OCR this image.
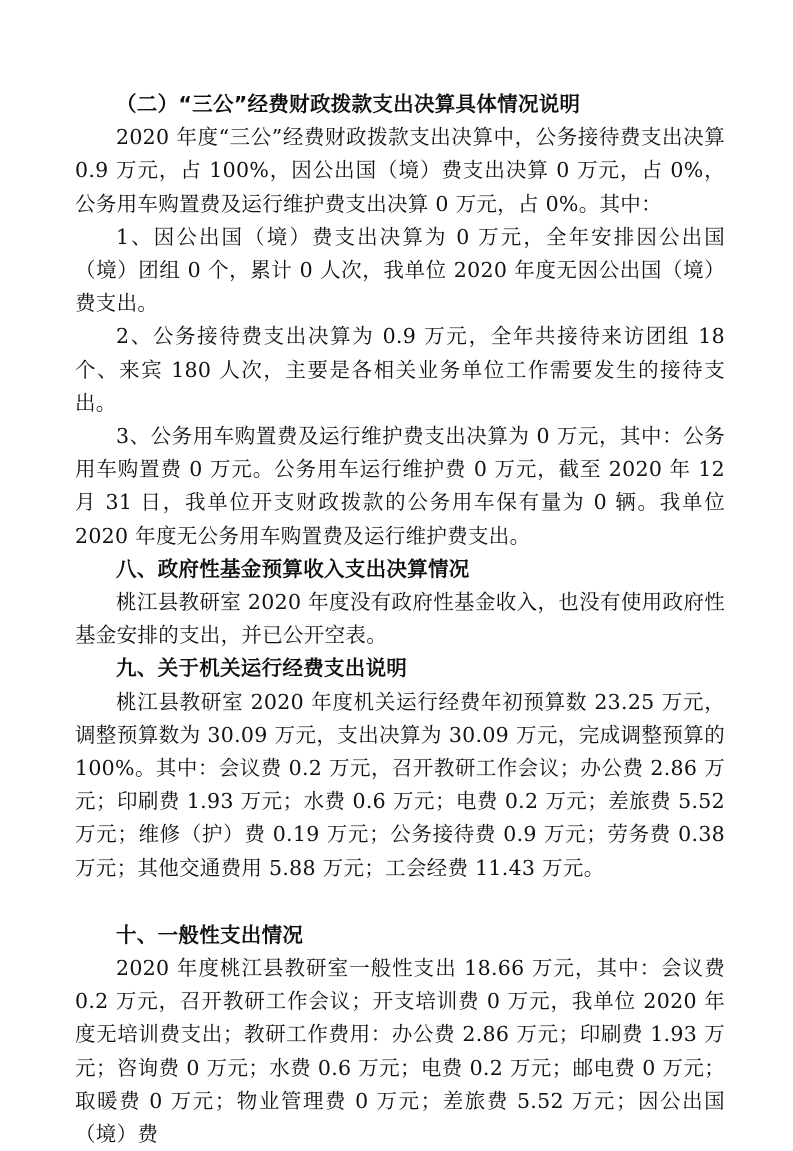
（二）“三公”经费财政拨款支出决算具体情况说明

2020 年度“三公”经费财政拨款支出决算中，公务接待费支出决算 0.9 万元，占 100%，因公出国（境）费支出决算 0 万元，占 0%，公务用车购置费及运行维护费支出决算 0 万元，占 0%。其中：

1、因公出国（境）费支出决算为 0 万元，全年安排因公出国（境）团组 0 个，累计 0 人次，我单位 2020 年度无因公出国（境）费支出。

2、公务接待费支出决算为 0.9 万元，全年共接待来访团组 18 个、来宾 180 人次，主要是各相关业务单位工作需要发生的接待支出。

3、公务用车购置费及运行维护费支出决算为 0 万元，其中：公务用车购置费 0 万元。公务用车运行维护费 0 万元，截至 2020 年 12 月 31 日，我单位开支财政拨款的公务用车保有量为 0 辆。我单位 2020 年度无公务用车购置费及运行维护费支出。

八、政府性基金预算收入支出决算情况

桃江县教研室 2020 年度没有政府性基金收入，也没有使用政府性基金安排的支出，并已公开空表。

九、关于机关运行经费支出说明

桃江县教研室 2020 年度机关运行经费年初预算数 23.25 万元，调整预算数为 30.09 万元，支出决算为 30.09 万元，完成调整预算的 100%。其中：会议费 0.2 万元，召开教研工作会议；办公费 2.86 万元；印刷费 1.93 万元；水费 0.6 万元；电费 0.2 万元；差旅费 5.52 万元；维修（护）费 0.19 万元；公务接待费 0.9 万元；劳务费 0.38 万元；其他交通费用 5.88 万元；工会经费 11.43 万元。

十、一般性支出情况

2020 年度桃江县教研室一般性支出 18.66 万元，其中：会议费 0.2 万元，召开教研工作会议；开支培训费 0 万元，我单位 2020 年度无培训费支出；教研工作费用：办公费 2.86 万元；印刷费 1.93 万元；咨询费 0 万元；水费 0.6 万元；电费 0.2 万元；邮电费 0 万元；取暖费 0 万元；物业管理费 0 万元；差旅费 5.52 万元；因公出国（境）费
